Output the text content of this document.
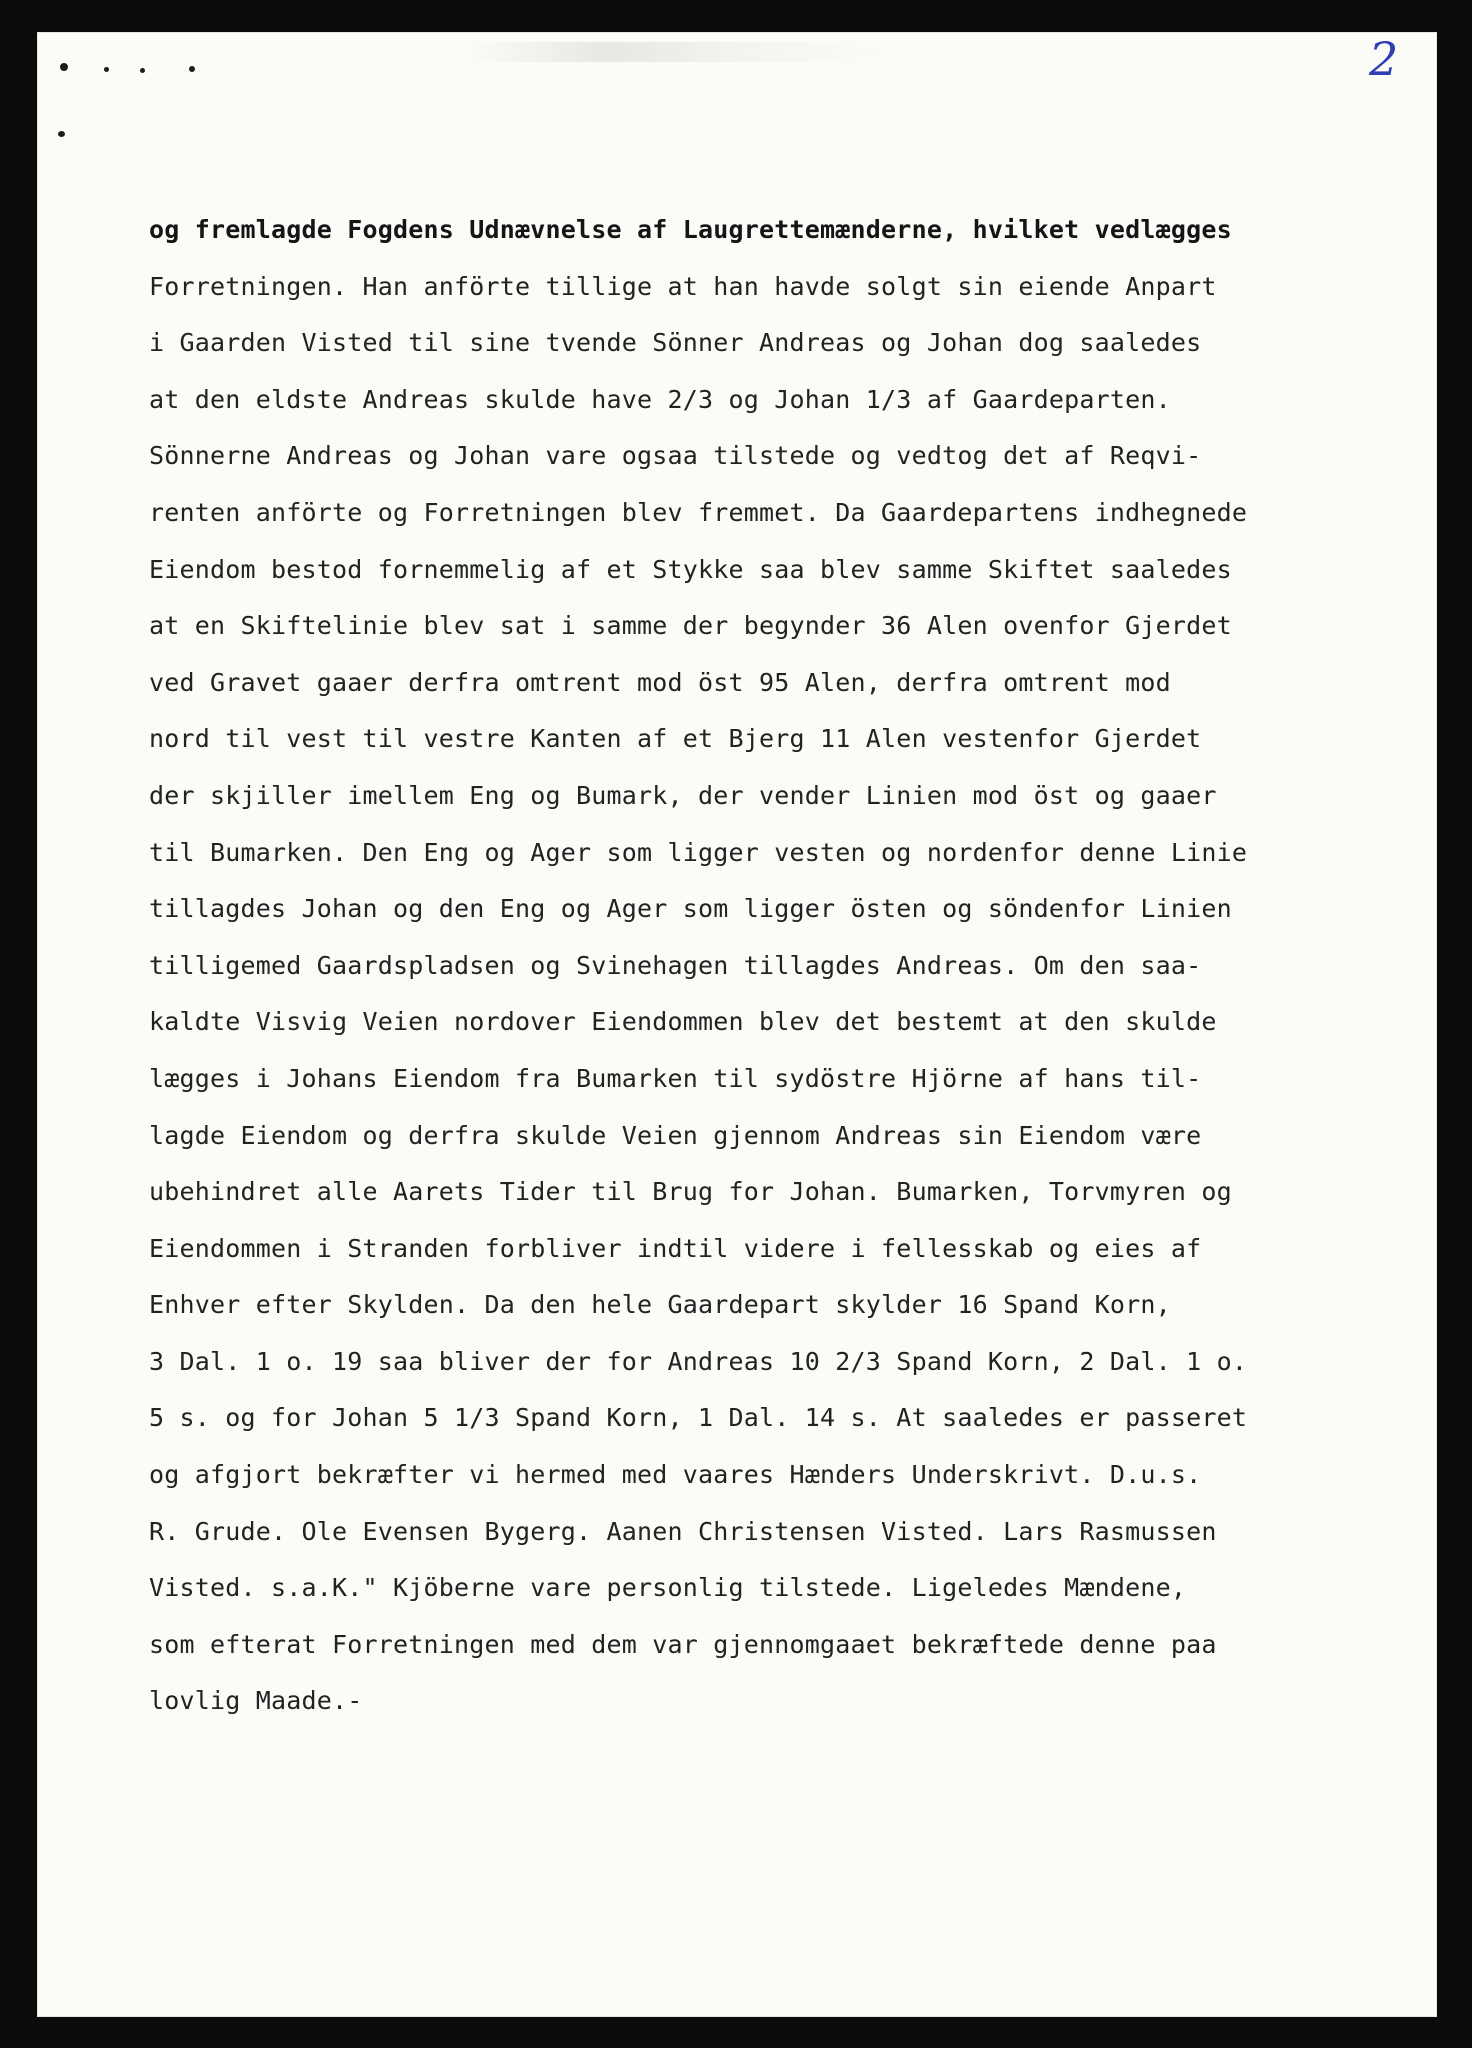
2
og fremlagde Fogdens Udnævnelse af Laugrettemænderne, hvilket vedlægges
Forretningen. Han anförte tillige at han havde solgt sin eiende Anpart
i Gaarden Visted til sine tvende Sönner Andreas og Johan dog saaledes
at den eldste Andreas skulde have 2/3 og Johan 1/3 af Gaardeparten.
Sönnerne Andreas og Johan vare ogsaa tilstede og vedtog det af Reqvi-
renten anförte og Forretningen blev fremmet. Da Gaardepartens indhegnede
Eiendom bestod fornemmelig af et Stykke saa blev samme Skiftet saaledes
at en Skiftelinie blev sat i samme der begynder 36 Alen ovenfor Gjerdet
ved Gravet gaaer derfra omtrent mod öst 95 Alen, derfra omtrent mod
nord til vest til vestre Kanten af et Bjerg 11 Alen vestenfor Gjerdet
der skjiller imellem Eng og Bumark, der vender Linien mod öst og gaaer
til Bumarken. Den Eng og Ager som ligger vesten og nordenfor denne Linie
tillagdes Johan og den Eng og Ager som ligger östen og söndenfor Linien
tilligemed Gaardspladsen og Svinehagen tillagdes Andreas. Om den saa-
kaldte Visvig Veien nordover Eiendommen blev det bestemt at den skulde
lægges i Johans Eiendom fra Bumarken til sydöstre Hjörne af hans til-
lagde Eiendom og derfra skulde Veien gjennom Andreas sin Eiendom være
ubehindret alle Aarets Tider til Brug for Johan. Bumarken, Torvmyren og
Eiendommen i Stranden forbliver indtil videre i fellesskab og eies af
Enhver efter Skylden. Da den hele Gaardepart skylder 16 Spand Korn,
3 Dal. 1 o. 19 saa bliver der for Andreas 10 2/3 Spand Korn, 2 Dal. 1 o.
5 s. og for Johan 5 1/3 Spand Korn, 1 Dal. 14 s. At saaledes er passeret
og afgjort bekræfter vi hermed med vaares Hænders Underskrivt. D.u.s.
R. Grude. Ole Evensen Bygerg. Aanen Christensen Visted. Lars Rasmussen
Visted. s.a.K." Kjöberne vare personlig tilstede. Ligeledes Mændene,
som efterat Forretningen med dem var gjennomgaaet bekræftede denne paa
lovlig Maade.-
